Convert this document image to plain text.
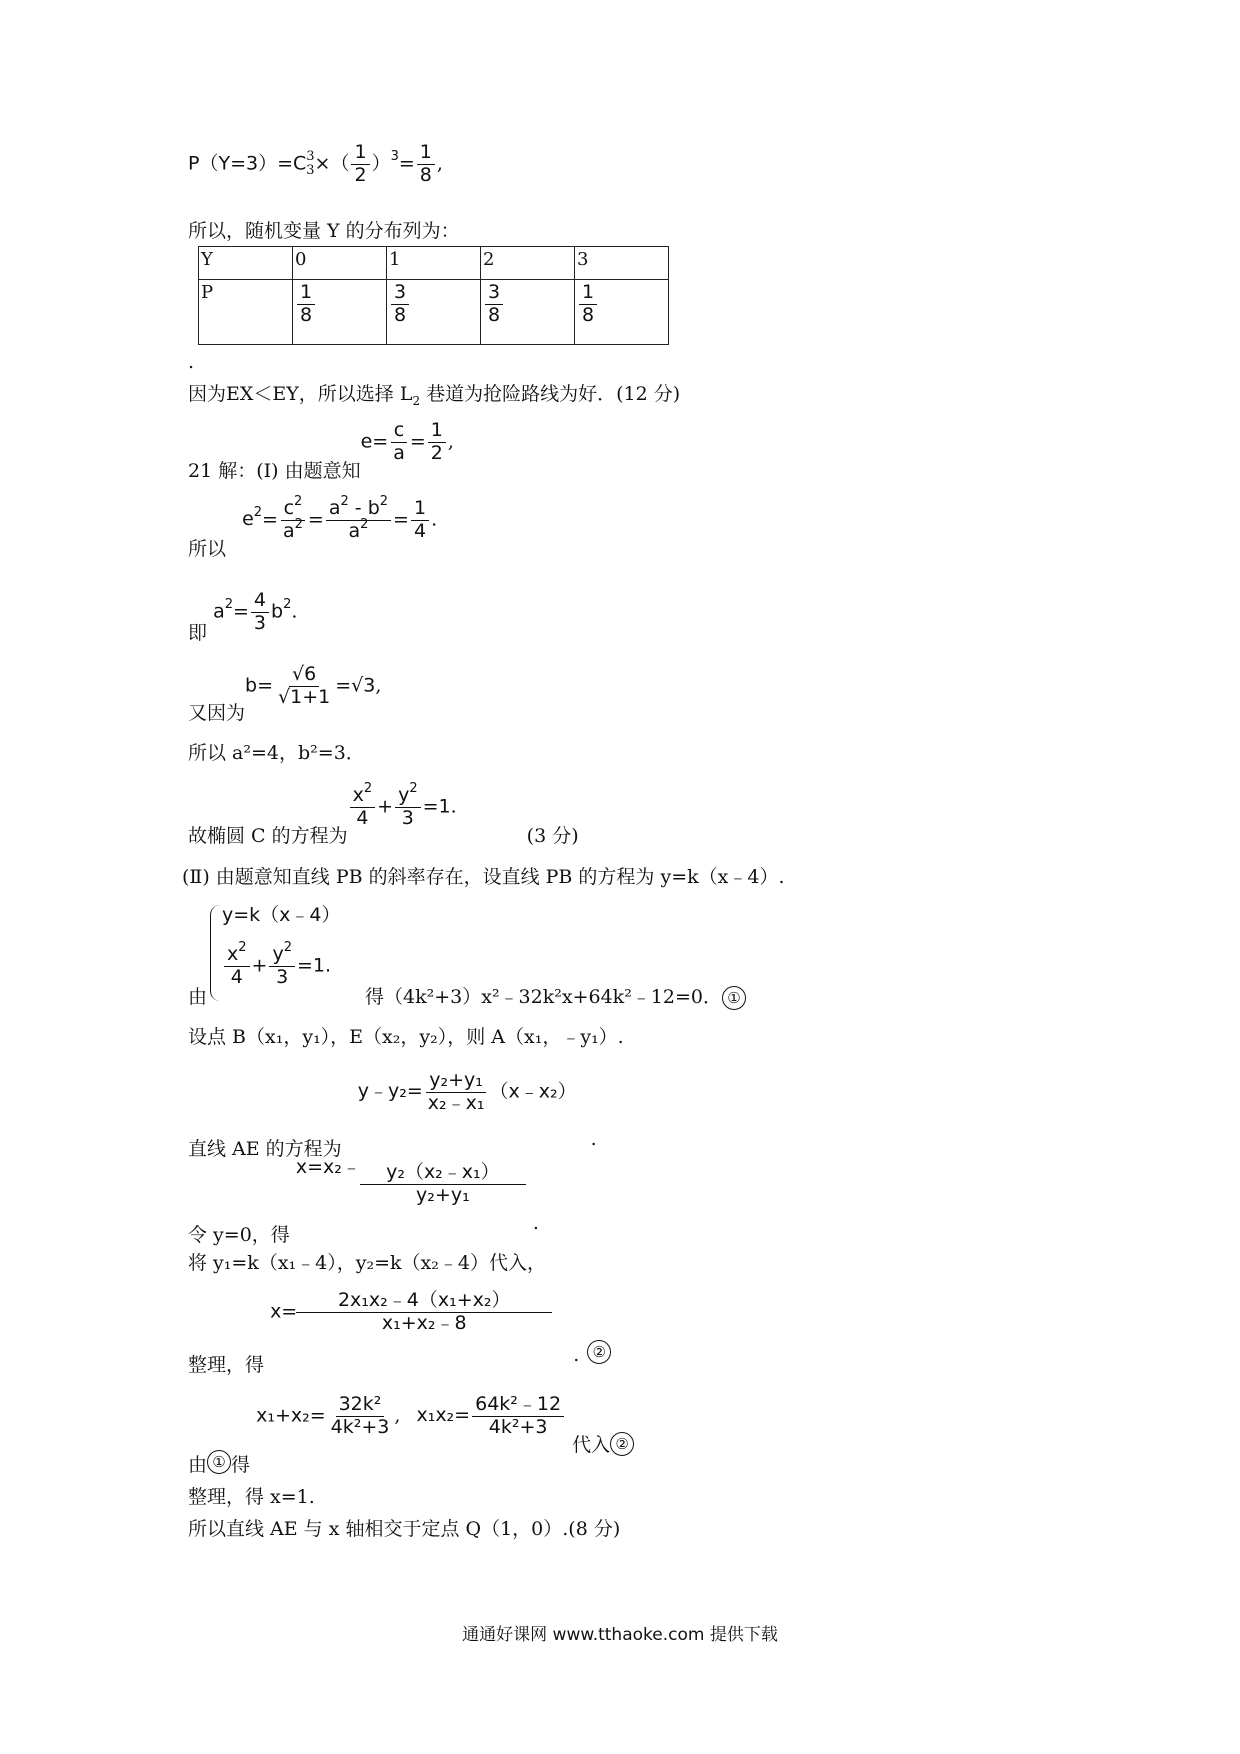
P（Y=3）=C 3
3 ×（ $\frac{1}{2} )^3= \frac{1}{8}$ ,
所以，随机变量 Y 的分布列为：
Y	0	1	2	3
P	$\frac{1}{8}$	$\frac{3}{8}$	$\frac{3}{8}$	$\frac{1}{8}$
.
因为EX＜EY，所以选择 $L_2$ 巷道为抢险路线为好．(12 分)
21 解：(Ⅰ) 由题意知$e= \frac{c}{a} = \frac{1}{2}$ ,
所以 $e^2= \frac{c^2}{a^2} = \frac{a^2 - b^2}{a^2} = \frac{1}{4}$ .
即 $a^2= \frac{4}{3} b^2$.
又因为$b= \frac{√6}{√1+1} =√3$,
所以 a²=4，b²=3．
故椭圆 C 的方程为
$\frac{x^2}{4} + \frac{y^2}{3} =1.(3$ 分)
(Ⅱ) 由题意知直线 PB 的斜率存在，设直线 PB 的方程为 y=k（x﹣4）.
y=k（x﹣4）
$\frac{x^2}{4} + \frac{y^2}{3} =1$.
由	得（4k²+3）x²﹣32k²x+64k²﹣12=0． ①
设点 B（x₁，y₁），E（x₂，y₂），则 A（x₁，﹣y₁）.
直线 AE 的方程为 y﹣y₂= $\frac{\text{y₂+y₁}}{\text{x₂﹣x₁}}$ （x﹣x₂）.
令 y=0，得 x=x₂﹣ $\frac{\text{y₂（x₂﹣x₁）}}{\text{y₂+y₁}}$
.
将 y₁=k（x₁﹣4），y₂=k（x₂﹣4）代入，
整理，得 $x= \frac{\text{2x₁x₂﹣4（x₁+x₂）}}{\text{x₁+x₂﹣8}}$
. ②
由 ① 得 $x_1+x_2= \frac{\text{32k²}}{\text{4k²+3}}$ , $x_1x_2= \frac{\text{64k²﹣12}}{\text{4k²+3}}$
代入 ②
整理，得 x=1.
所以直线 AE 与 x 轴相交于定点 Q（1，0）.(8 分)
通通好课网 www.tthaoke.com 提供下载
